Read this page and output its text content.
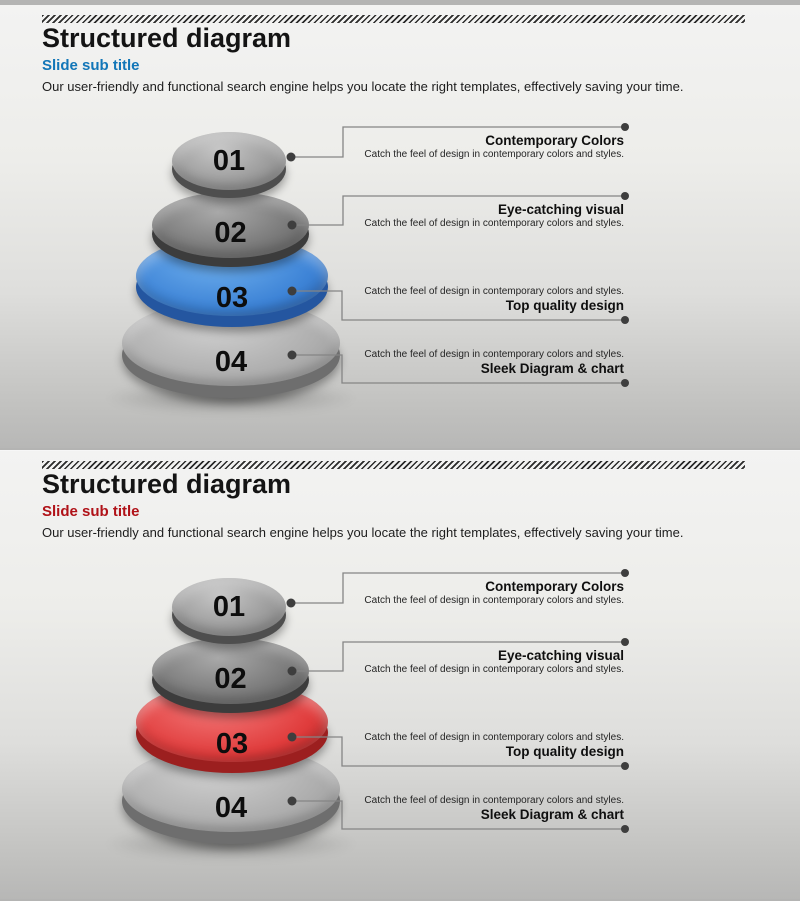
Structured diagram
Slide sub title

Our user-friendly and functional search engine helps you locate the right templates, effectively saving your time.

04
03
02
01
Contemporary Colors
Catch the feel of design in contemporary colors and styles.
Eye-catching visual
Catch the feel of design in contemporary colors and styles.
Catch the feel of design in contemporary colors and styles.
Top quality design
Catch the feel of design in contemporary colors and styles.
Sleek Diagram & chart
Structured diagram
Slide sub title

Our user-friendly and functional search engine helps you locate the right templates, effectively saving your time.

04
03
02
01
Contemporary Colors
Catch the feel of design in contemporary colors and styles.
Eye-catching visual
Catch the feel of design in contemporary colors and styles.
Catch the feel of design in contemporary colors and styles.
Top quality design
Catch the feel of design in contemporary colors and styles.
Sleek Diagram & chart
